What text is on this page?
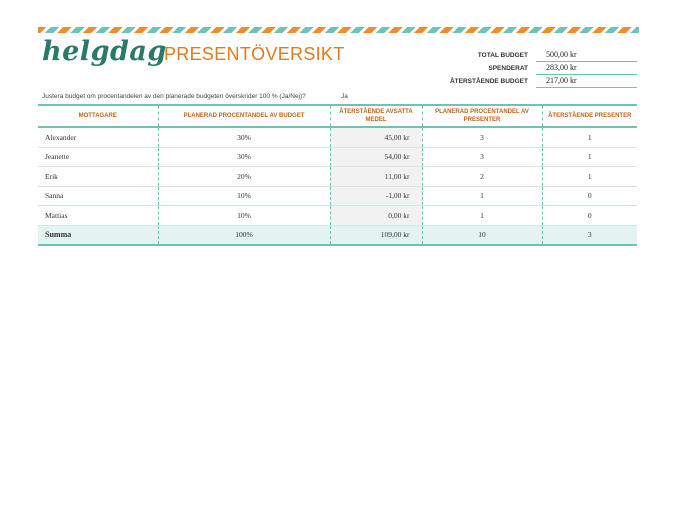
helgdag
PRESENTÖVERSIKT	TOTAL BUDGET	500,00 kr
SPENDERAT	283,00 kr
ÅTERSTÅENDE BUDGET	217,00 kr
Justera budget om procentandelen av den planerade budgeten överskrider 100 % (Ja/Nej)?	Ja
MOTTAGARE	PLANERAD PROCENTANDEL AV BUDGET	ÅTERSTÅENDE AVSATTA MEDEL	PLANERAD PROCENTANDEL AV PRESENTER	ÅTERSTÅENDE PRESENTER
Alexander	30%	45,00 kr	3	1
Jeanette	30%	54,00 kr	3	1
Erik	20%	11,00 kr	2	1
Sanna	10%	-1,00 kr	1	0
Mattias	10%	0,00 kr	1	0
Summa	100%	109,00 kr	10	3
